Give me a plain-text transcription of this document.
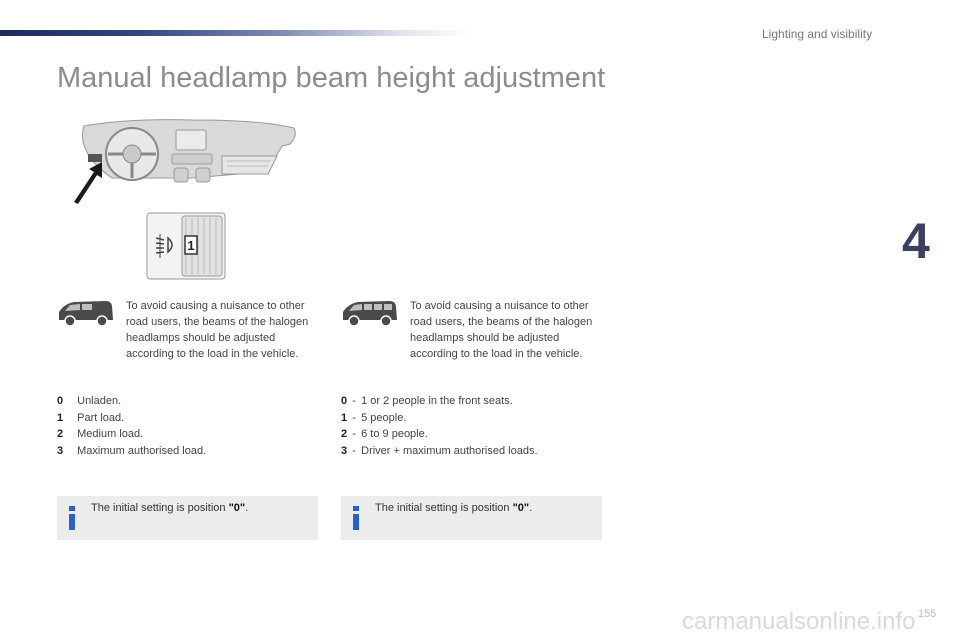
Lighting and visibility
Manual headlamp beam height adjustment
4
1
To avoid causing a nuisance to other road users, the beams of the halogen headlamps should be adjusted according to the load in the vehicle.
0 Unladen.
1 Part load.
2 Medium load.
3 Maximum authorised load.
The initial setting is position "0".
To avoid causing a nuisance to other road users, the beams of the halogen headlamps should be adjusted according to the load in the vehicle.
0 - 1 or 2 people in the front seats.
1 - 5 people.
2 - 6 to 9 people.
3 - Driver + maximum authorised loads.
The initial setting is position "0".
carmanualsonline.info 155
